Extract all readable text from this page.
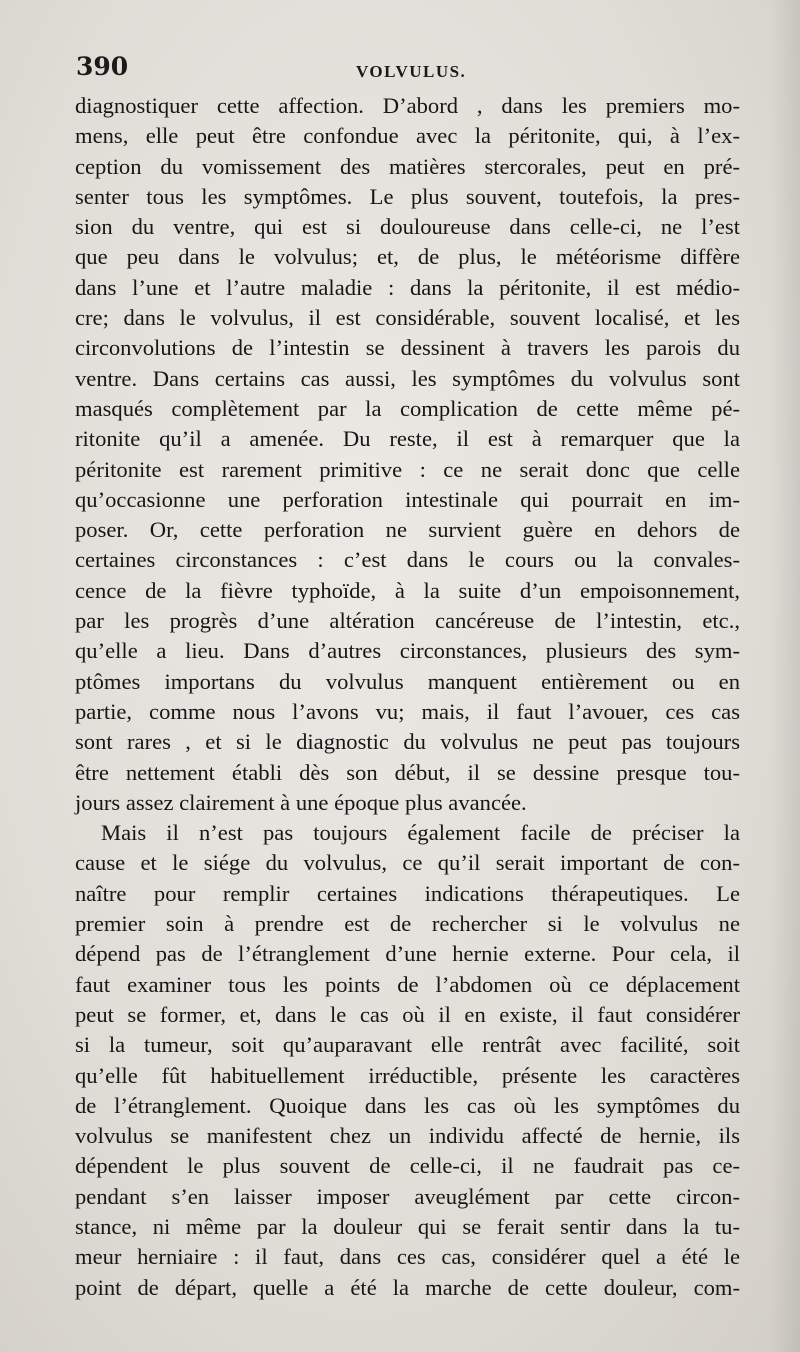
390	VOLVULUS.
diagnostiquer cette affection. D’abord , dans les premiers mo-
mens, elle peut être confondue avec la péritonite, qui, à l’ex-
ception du vomissement des matières stercorales, peut en pré-
senter tous les symptômes. Le plus souvent, toutefois, la pres-
sion du ventre, qui est si douloureuse dans celle-ci, ne l’est
que peu dans le volvulus; et, de plus, le météorisme diffère
dans l’une et l’autre maladie : dans la péritonite, il est médio-
cre; dans le volvulus, il est considérable, souvent localisé, et les
circonvolutions de l’intestin se dessinent à travers les parois du
ventre. Dans certains cas aussi, les symptômes du volvulus sont
masqués complètement par la complication de cette même pé-
ritonite qu’il a amenée. Du reste, il est à remarquer que la
péritonite est rarement primitive : ce ne serait donc que celle
qu’occasionne une perforation intestinale qui pourrait en im-
poser. Or, cette perforation ne survient guère en dehors de
certaines circonstances : c’est dans le cours ou la convales-
cence de la fièvre typhoïde, à la suite d’un empoisonnement,
par les progrès d’une altération cancéreuse de l’intestin, etc.,
qu’elle a lieu. Dans d’autres circonstances, plusieurs des sym-
ptômes importans du volvulus manquent entièrement ou en
partie, comme nous l’avons vu; mais, il faut l’avouer, ces cas
sont rares , et si le diagnostic du volvulus ne peut pas toujours
être nettement établi dès son début, il se dessine presque tou-
jours assez clairement à une époque plus avancée.
Mais il n’est pas toujours également facile de préciser la
cause et le siége du volvulus, ce qu’il serait important de con-
naître pour remplir certaines indications thérapeutiques. Le
premier soin à prendre est de rechercher si le volvulus ne
dépend pas de l’étranglement d’une hernie externe. Pour cela, il
faut examiner tous les points de l’abdomen où ce déplacement
peut se former, et, dans le cas où il en existe, il faut considérer
si la tumeur, soit qu’auparavant elle rentrât avec facilité, soit
qu’elle fût habituellement irréductible, présente les caractères
de l’étranglement. Quoique dans les cas où les symptômes du
volvulus se manifestent chez un individu affecté de hernie, ils
dépendent le plus souvent de celle-ci, il ne faudrait pas ce-
pendant s’en laisser imposer aveuglément par cette circon-
stance, ni même par la douleur qui se ferait sentir dans la tu-
meur herniaire : il faut, dans ces cas, considérer quel a été le
point de départ, quelle a été la marche de cette douleur, com-
